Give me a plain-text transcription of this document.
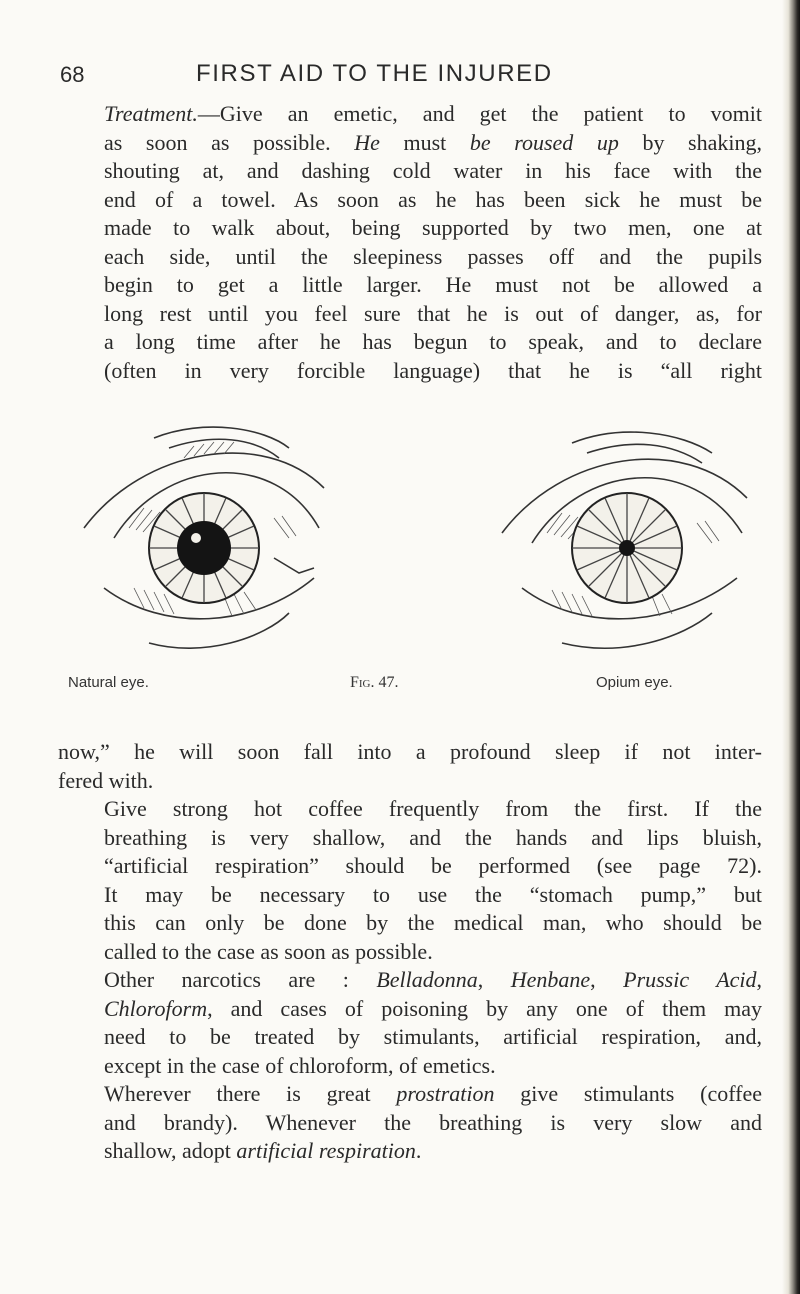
68	FIRST AID TO THE INJURED

Treatment.—Give an emetic, and get the patient to vomit
as soon as possible. He must be roused up by shaking,
shouting at, and dashing cold water in his face with the
end of a towel. As soon as he has been sick he must be
made to walk about, being supported by two men, one at
each side, until the sleepiness passes off and the pupils
begin to get a little larger. He must not be allowed a
long rest until you feel sure that he is out of danger, as, for
a long time after he has begun to speak, and to declare
(often in very forcible language) that he is “all right

Natural eye.	Fig. 47.	Opium eye.

now,” he will soon fall into a profound sleep if not inter-
fered with.

Give strong hot coffee frequently from the first. If the
breathing is very shallow, and the hands and lips bluish,
“artificial respiration” should be performed (see page 72).
It may be necessary to use the “stomach pump,” but
this can only be done by the medical man, who should be
called to the case as soon as possible.

Other narcotics are : Belladonna, Henbane, Prussic Acid,
Chloroform, and cases of poisoning by any one of them may
need to be treated by stimulants, artificial respiration, and,
except in the case of chloroform, of emetics.

Wherever there is great prostration give stimulants (coffee
and brandy). Whenever the breathing is very slow and
shallow, adopt artificial respiration.
